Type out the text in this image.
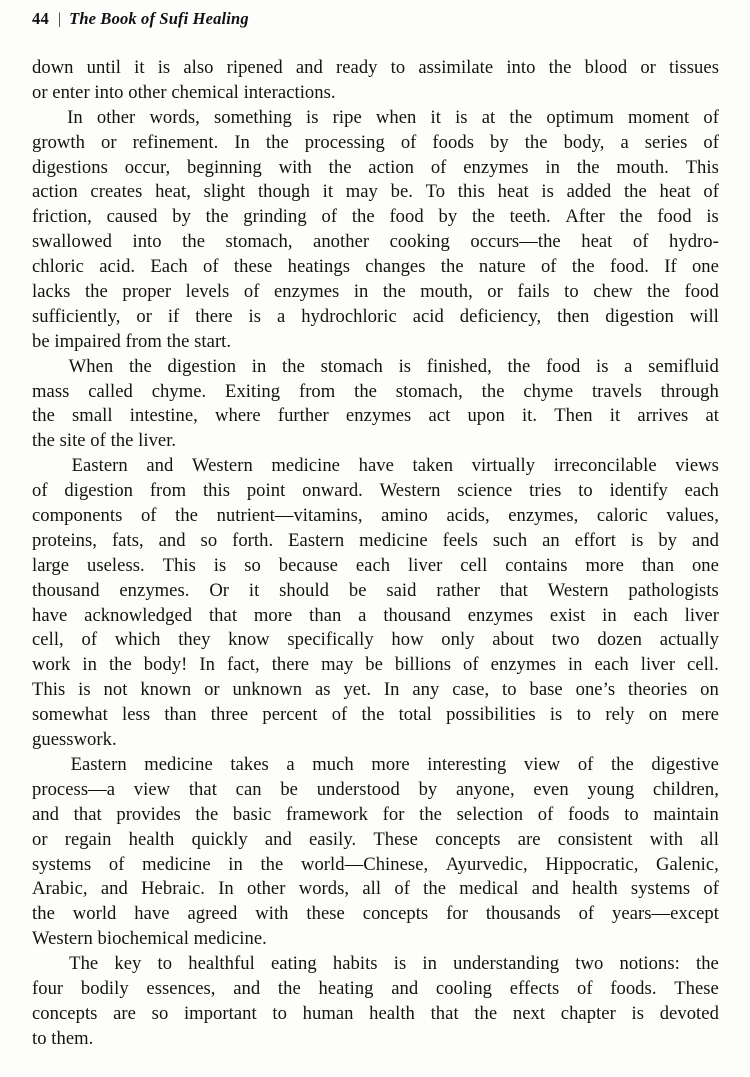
44 | The Book of Sufi Healing

down until it is also ripened and ready to assimilate into the blood or tissues
or enter into other chemical interactions.

In other words, something is ripe when it is at the optimum moment of
growth or refinement. In the processing of foods by the body, a series of
digestions occur, beginning with the action of enzymes in the mouth. This
action creates heat, slight though it may be. To this heat is added the heat of
friction, caused by the grinding of the food by the teeth. After the food is
swallowed into the stomach, another cooking occurs—the heat of hydro-
chloric acid. Each of these heatings changes the nature of the food. If one
lacks the proper levels of enzymes in the mouth, or fails to chew the food
sufficiently, or if there is a hydrochloric acid deficiency, then digestion will
be impaired from the start.

When the digestion in the stomach is finished, the food is a semifluid
mass called chyme. Exiting from the stomach, the chyme travels through
the small intestine, where further enzymes act upon it. Then it arrives at
the site of the liver.

Eastern and Western medicine have taken virtually irreconcilable views
of digestion from this point onward. Western science tries to identify each
components of the nutrient—vitamins, amino acids, enzymes, caloric values,
proteins, fats, and so forth. Eastern medicine feels such an effort is by and
large useless. This is so because each liver cell contains more than one
thousand enzymes. Or it should be said rather that Western pathologists
have acknowledged that more than a thousand enzymes exist in each liver
cell, of which they know specifically how only about two dozen actually
work in the body! In fact, there may be billions of enzymes in each liver cell.
This is not known or unknown as yet. In any case, to base one’s theories on
somewhat less than three percent of the total possibilities is to rely on mere
guesswork.

Eastern medicine takes a much more interesting view of the digestive
process—a view that can be understood by anyone, even young children,
and that provides the basic framework for the selection of foods to maintain
or regain health quickly and easily. These concepts are consistent with all
systems of medicine in the world—Chinese, Ayurvedic, Hippocratic, Galenic,
Arabic, and Hebraic. In other words, all of the medical and health systems of
the world have agreed with these concepts for thousands of years—except
Western biochemical medicine.

The key to healthful eating habits is in understanding two notions: the
four bodily essences, and the heating and cooling effects of foods. These
concepts are so important to human health that the next chapter is devoted
to them.
